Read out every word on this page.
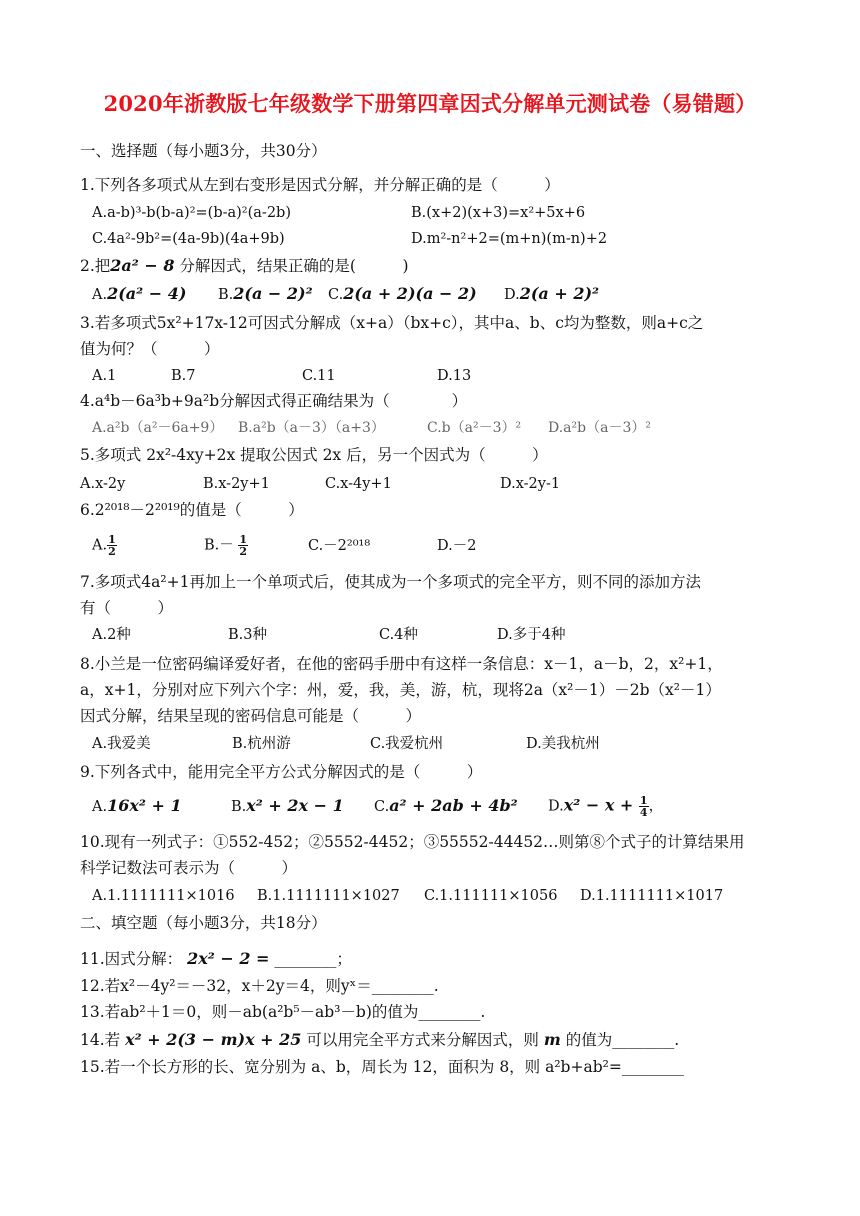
2020年浙教版七年级数学下册第四章因式分解单元测试卷（易错题）
一、选择题（每小题3分，共30分）
1.下列各多项式从左到右变形是因式分解，并分解正确的是（　　　）
A.a-b)³-b(b-a)²=(b-a)²(a-2b)	B.(x+2)(x+3)=x²+5x+6
C.4a²-9b²=(4a-9b)(4a+9b)	D.m²-n²+2=(m+n)(m-n)+2
2.把2a² − 8 分解因式，结果正确的是(　　　)
A.2(a² − 4) B.2(a − 2)² C.2(a + 2)(a − 2) D.2(a + 2)²
3.若多项式5x²+17x-12可因式分解成（x+a）（bx+c），其中a、b、c均为整数，则a+c之
值为何？（　　　）
A.1	B.7	C.11	D.13
4.a⁴b－6a³b+9a²b分解因式得正确结果为（　　　　）
A.a²b（a²－6a+9） B.a²b（a－3）（a+3）	C.b（a²－3）² D.a²b（a－3）²
5.多项式 2x²-4xy+2x 提取公因式 2x 后，另一个因式为（　　　）
A.x-2y	B.x-2y+1	C.x-4y+1	D.x-2y-1
6.2²⁰¹⁸－2²⁰¹⁹的值是（　　　）
A. $\frac{1}{2}$	$B.- \frac{1}{2}$	C.－2²⁰¹⁸	D.－2
7.多项式4a²+1再加上一个单项式后，使其成为一个多项式的完全平方，则不同的添加方法
有（　　　）
A.2种	B.3种	C.4种	D.多于4种
8.小兰是一位密码编译爱好者，在他的密码手册中有这样一条信息：x－1，a－b，2，x²+1，
a，x+1，分别对应下列六个字：州，爱，我，美，游，杭，现将2a（x²－1）－2b（x²－1）
因式分解，结果呈现的密码信息可能是（　　　）
A.我爱美	B.杭州游	C.我爱杭州	D.美我杭州
9.下列各式中，能用完全平方公式分解因式的是（　　　）
A.16x² + 1	B.x² + 2x − 1 C.a² + 2ab + 4b² $D.x^2 - x + \frac{1}{4}$ ，
10.现有一列式子：①552-452；②5552-4452；③55552-44452…则第⑧个式子的计算结果用
科学记数法可表示为（　　　）
A.1.1111111×1016 B.1.1111111×1027 C.1.111111×1056 D.1.1111111×1017
二、填空题（每小题3分，共18分）
11.因式分解： 2x² − 2 = ________；
12.若x²－4y²＝－32，x＋2y＝4，则yˣ＝________.
13.若ab²＋1＝0，则－ab(a²b⁵－ab³－b)的值为________.
14.若 x² + 2(3 − m)x + 25 可以用完全平方式来分解因式，则 m 的值为________.
15.若一个长方形的长、宽分别为 a、b，周长为 12，面积为 8，则 a²b+ab²=________
